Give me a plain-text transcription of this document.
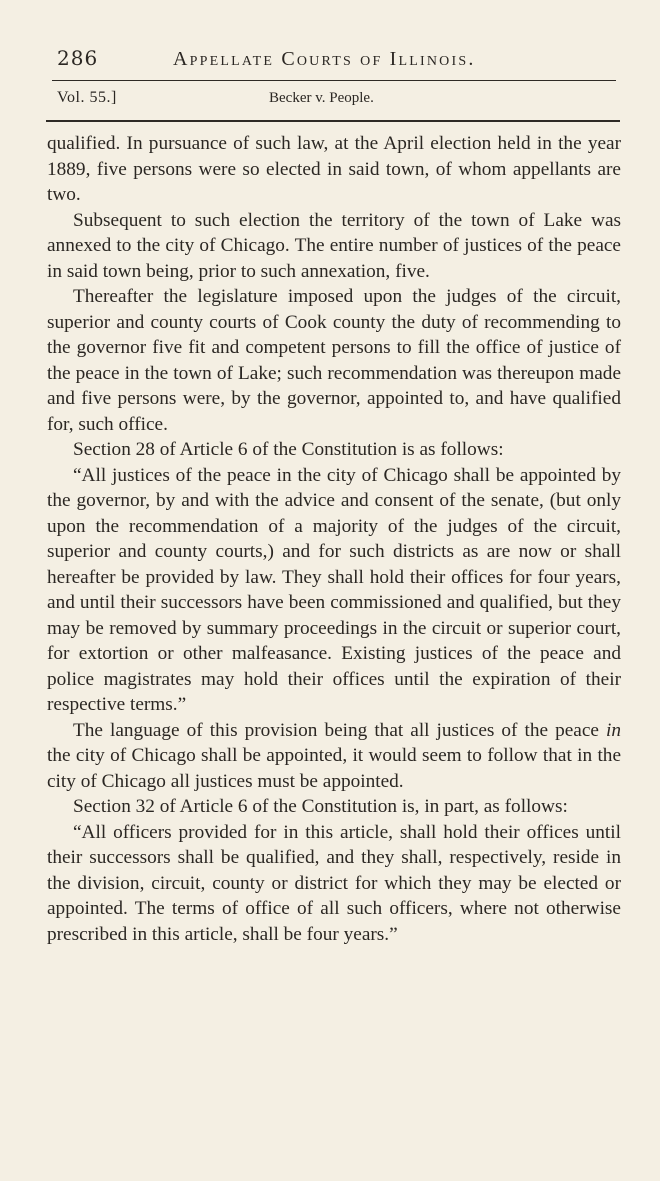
286	Appellate Courts of Illinois.
Vol. 55.]	Becker v. People.

qualified. In pursuance of such law, at the April election held in the year 1889, five persons were so elected in said town, of whom appellants are two.

Subsequent to such election the territory of the town of Lake was annexed to the city of Chicago. The entire number of justices of the peace in said town being, prior to such annexation, five.

Thereafter the legislature imposed upon the judges of the circuit, superior and county courts of Cook county the duty of recommending to the governor five fit and competent persons to fill the office of justice of the peace in the town of Lake; such recommendation was thereupon made and five persons were, by the governor, appointed to, and have qualified for, such office.

Section 28 of Article 6 of the Constitution is as follows:

“All justices of the peace in the city of Chicago shall be appointed by the governor, by and with the advice and consent of the senate, (but only upon the recommendation of a majority of the judges of the circuit, superior and county courts,) and for such districts as are now or shall hereafter be provided by law. They shall hold their offices for four years, and until their successors have been commissioned and qualified, but they may be removed by summary proceedings in the circuit or superior court, for extortion or other malfeasance. Existing justices of the peace and police magistrates may hold their offices until the expiration of their respective terms.”

The language of this provision being that all justices of the peace in the city of Chicago shall be appointed, it would seem to follow that in the city of Chicago all justices must be appointed.

Section 32 of Article 6 of the Constitution is, in part, as follows:

“All officers provided for in this article, shall hold their offices until their successors shall be qualified, and they shall, respectively, reside in the division, circuit, county or district for which they may be elected or appointed. The terms of office of all such officers, where not otherwise prescribed in this article, shall be four years.”
